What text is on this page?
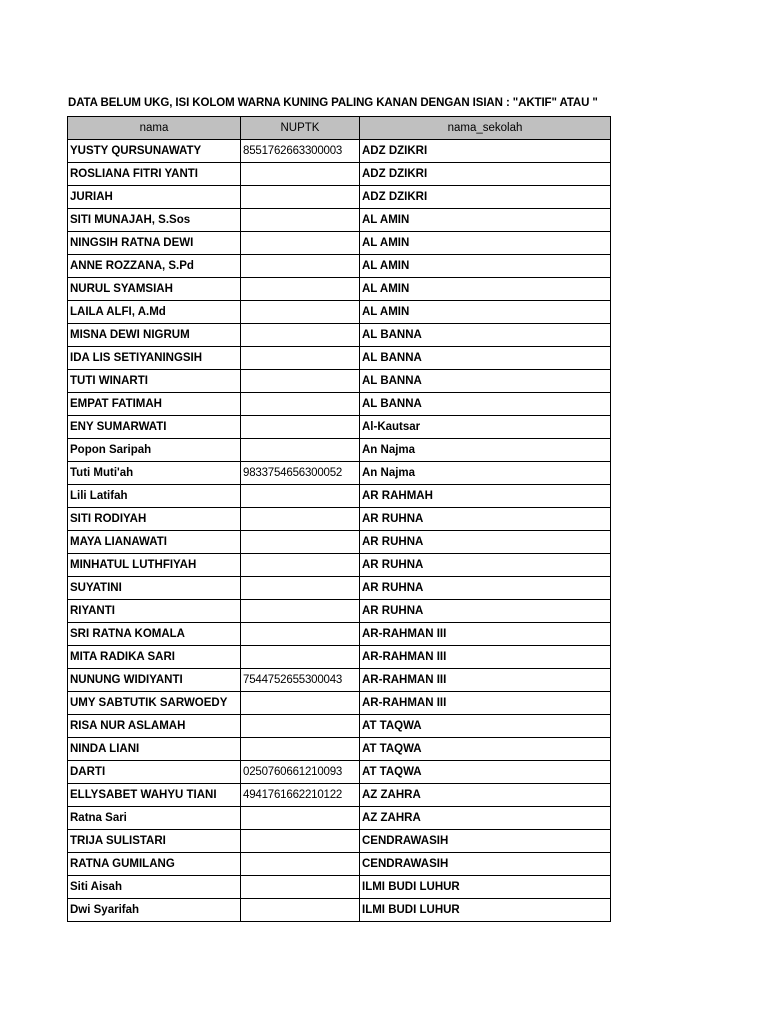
DATA BELUM UKG, ISI KOLOM WARNA KUNING PALING KANAN DENGAN ISIAN : "AKTIF" ATAU "
nama	NUPTK	nama_sekolah
YUSTY QURSUNAWATY	8551762663300003	ADZ DZIKRI
ROSLIANA FITRI YANTI		ADZ DZIKRI
JURIAH		ADZ DZIKRI
SITI MUNAJAH, S.Sos		AL AMIN
NINGSIH RATNA DEWI		AL AMIN
ANNE ROZZANA, S.Pd		AL AMIN
NURUL SYAMSIAH		AL AMIN
LAILA ALFI, A.Md		AL AMIN
MISNA DEWI NIGRUM		AL BANNA
IDA LIS SETIYANINGSIH		AL BANNA
TUTI WINARTI		AL BANNA
EMPAT FATIMAH		AL BANNA
ENY SUMARWATI		Al-Kautsar
Popon Saripah		An Najma
Tuti Muti'ah	9833754656300052	An Najma
Lili Latifah		AR RAHMAH
SITI RODIYAH		AR RUHNA
MAYA LIANAWATI		AR RUHNA
MINHATUL LUTHFIYAH		AR RUHNA
SUYATINI		AR RUHNA
RIYANTI		AR RUHNA
SRI RATNA KOMALA		AR-RAHMAN III
MITA RADIKA SARI		AR-RAHMAN III
NUNUNG WIDIYANTI	7544752655300043	AR-RAHMAN III
UMY SABTUTIK SARWOEDY		AR-RAHMAN III
RISA NUR ASLAMAH		AT TAQWA
NINDA LIANI		AT TAQWA
DARTI	0250760661210093	AT TAQWA
ELLYSABET WAHYU TIANI	4941761662210122	AZ ZAHRA
Ratna Sari		AZ ZAHRA
TRIJA SULISTARI		CENDRAWASIH
RATNA GUMILANG		CENDRAWASIH
Siti Aisah		ILMI BUDI LUHUR
Dwi Syarifah		ILMI BUDI LUHUR
